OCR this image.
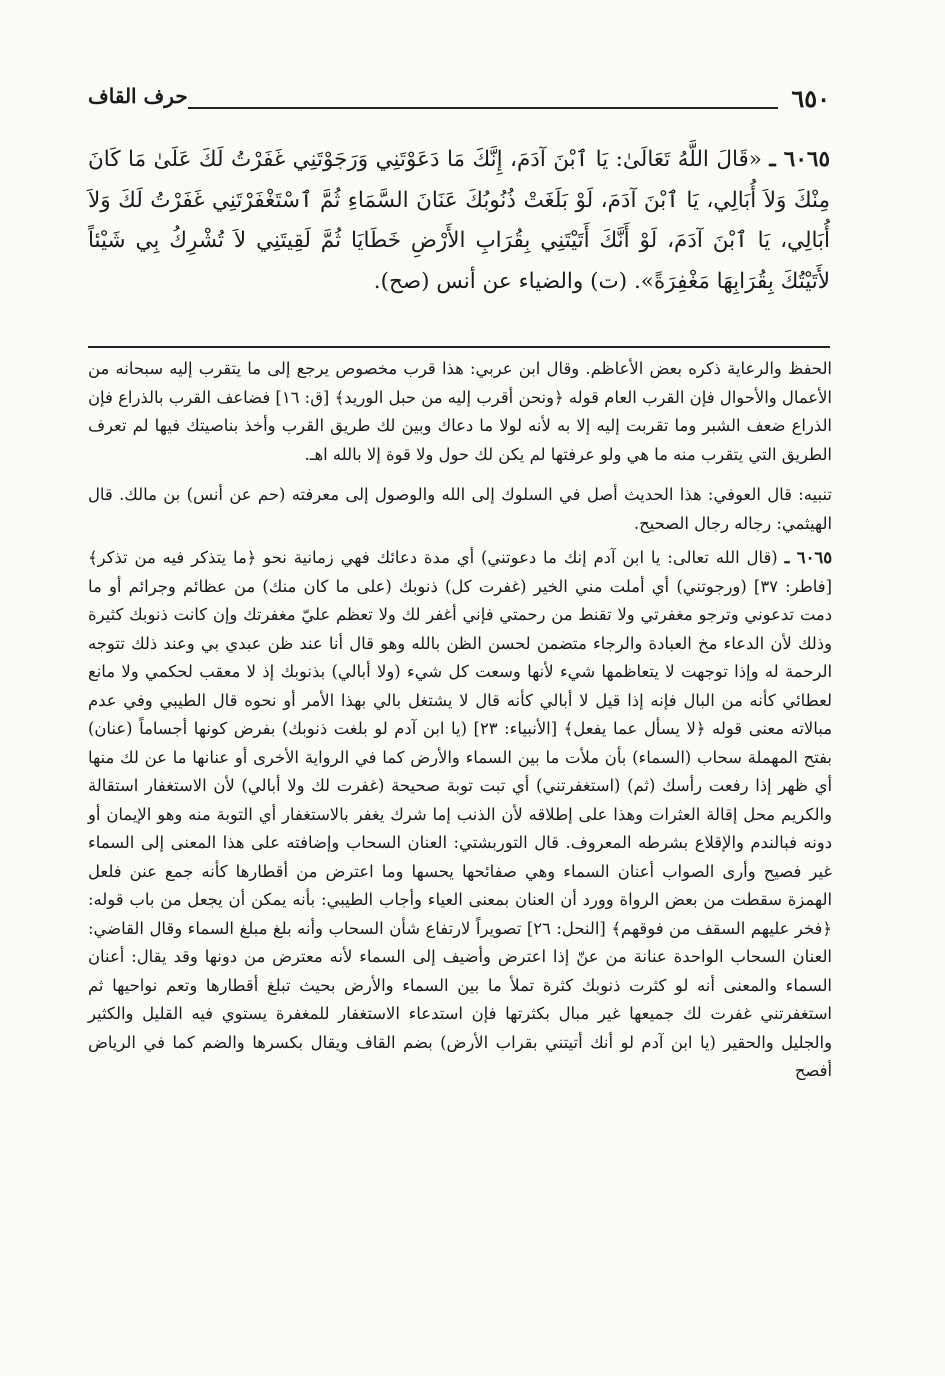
٦٥٠
حرف القاف
٦٠٦٥ ـ «قَالَ اللَّهُ تَعَالَىٰ: يَا ٱبْنَ آدَمَ، إِنَّكَ مَا دَعَوْتَنِي وَرَجَوْتَنِي غَفَرْتُ لَكَ عَلَىٰ مَا كَانَ مِنْكَ وَلاَ أُبَالِي، يَا ٱبْنَ آدَمَ، لَوْ بَلَغَتْ ذُنُوبُكَ عَنَانَ السَّمَاءِ ثُمَّ ٱسْتَغْفَرْتَنِي غَفَرْتُ لَكَ وَلاَ أُبَالِي، يَا ٱبْنَ آدَمَ، لَوْ أَنَّكَ أَتَيْتَنِي بِقُرَابِ الأَرْضِ خَطَايَا ثُمَّ لَقِيتَنِي لاَ تُشْرِكُ بِي شَيْئاً لأَتَيْتُكَ بِقُرَابِهَا مَغْفِرَةً». (ت) والضياء عن أنس (صح).

الحفظ والرعاية ذكره بعض الأعاظم. وقال ابن عربي: هذا قرب مخصوص يرجع إلى ما يتقرب إليه سبحانه من الأعمال والأحوال فإن القرب العام قوله ﴿ونحن أقرب إليه من حبل الوريد﴾ [ق: ١٦] فضاعف القرب بالذراع فإن الذراع ضعف الشبر وما تقربت إليه إلا به لأنه لولا ما دعاك وبين لك طريق القرب وأخذ بناصيتك فيها لم تعرف الطريق التي يتقرب منه ما هي ولو عرفتها لم يكن لك حول ولا قوة إلا بالله اهـ.

تنبيه: قال العوفي: هذا الحديث أصل في السلوك إلى الله والوصول إلى معرفته (حم عن أنس) بن مالك. قال الهيثمي: رجاله رجال الصحيح.

٦٠٦٥ ـ (قال الله تعالى: يا ابن آدم إنك ما دعوتني) أي مدة دعائك فهي زمانية نحو ﴿ما يتذكر فيه من تذكر﴾ [فاطر: ٣٧] (ورجوتني) أي أملت مني الخير (غفرت كل) ذنوبك (على ما كان منك) من عظائم وجرائم أو ما دمت تدعوني وترجو مغفرتي ولا تقنط من رحمتي فإني أغفر لك ولا تعظم عليّ مغفرتك وإن كانت ذنوبك كثيرة وذلك لأن الدعاء مخ العبادة والرجاء متضمن لحسن الظن بالله وهو قال أنا عند ظن عبدي بي وعند ذلك تتوجه الرحمة له وإذا توجهت لا يتعاظمها شيء لأنها وسعت كل شيء (ولا أبالي) بذنوبك إذ لا معقب لحكمي ولا مانع لعطائي كأنه من البال فإنه إذا قيل لا أبالي كأنه قال لا يشتغل بالي بهذا الأمر أو نحوه قال الطيبي وفي عدم مبالاته معنى قوله ﴿لا يسأل عما يفعل﴾ [الأنبياء: ٢٣] (يا ابن آدم لو بلغت ذنوبك) بفرض كونها أجساماً (عنان) بفتح المهملة سحاب (السماء) بأن ملأت ما بين السماء والأرض كما في الرواية الأخرى أو عنانها ما عن لك منها أي ظهر إذا رفعت رأسك (ثم) (استغفرتني) أي تبت توبة صحيحة (غفرت لك ولا أبالي) لأن الاستغفار استقالة والكريم محل إقالة العثرات وهذا على إطلاقه لأن الذنب إما شرك يغفر بالاستغفار أي التوبة منه وهو الإيمان أو دونه فبالندم والإقلاع بشرطه المعروف. قال التوربشتي: العنان السحاب وإضافته على هذا المعنى إلى السماء غير فصيح وأرى الصواب أعنان السماء وهي صفائحها يحسها وما اعترض من أقطارها كأنه جمع عنن فلعل الهمزة سقطت من بعض الرواة وورد أن العنان بمعنى العياء وأجاب الطيبي: بأنه يمكن أن يجعل من باب قوله: ﴿فخر عليهم السقف من فوقهم﴾ [النحل: ٢٦] تصويراً لارتفاع شأن السحاب وأنه بلغ مبلغ السماء وقال القاضي: العنان السحاب الواحدة عنانة من عنّ إذا اعترض وأضيف إلى السماء لأنه معترض من دونها وقد يقال: أعنان السماء والمعنى أنه لو كثرت ذنوبك كثرة تملأ ما بين السماء والأرض بحيث تبلغ أقطارها وتعم نواحيها ثم استغفرتني غفرت لك جميعها غير مبال بكثرتها فإن استدعاء الاستغفار للمغفرة يستوي فيه القليل والكثير والجليل والحقير (يا ابن آدم لو أنك أتيتني بقراب الأرض) بضم القاف ويقال بكسرها والضم كما في الرياض أفصح
